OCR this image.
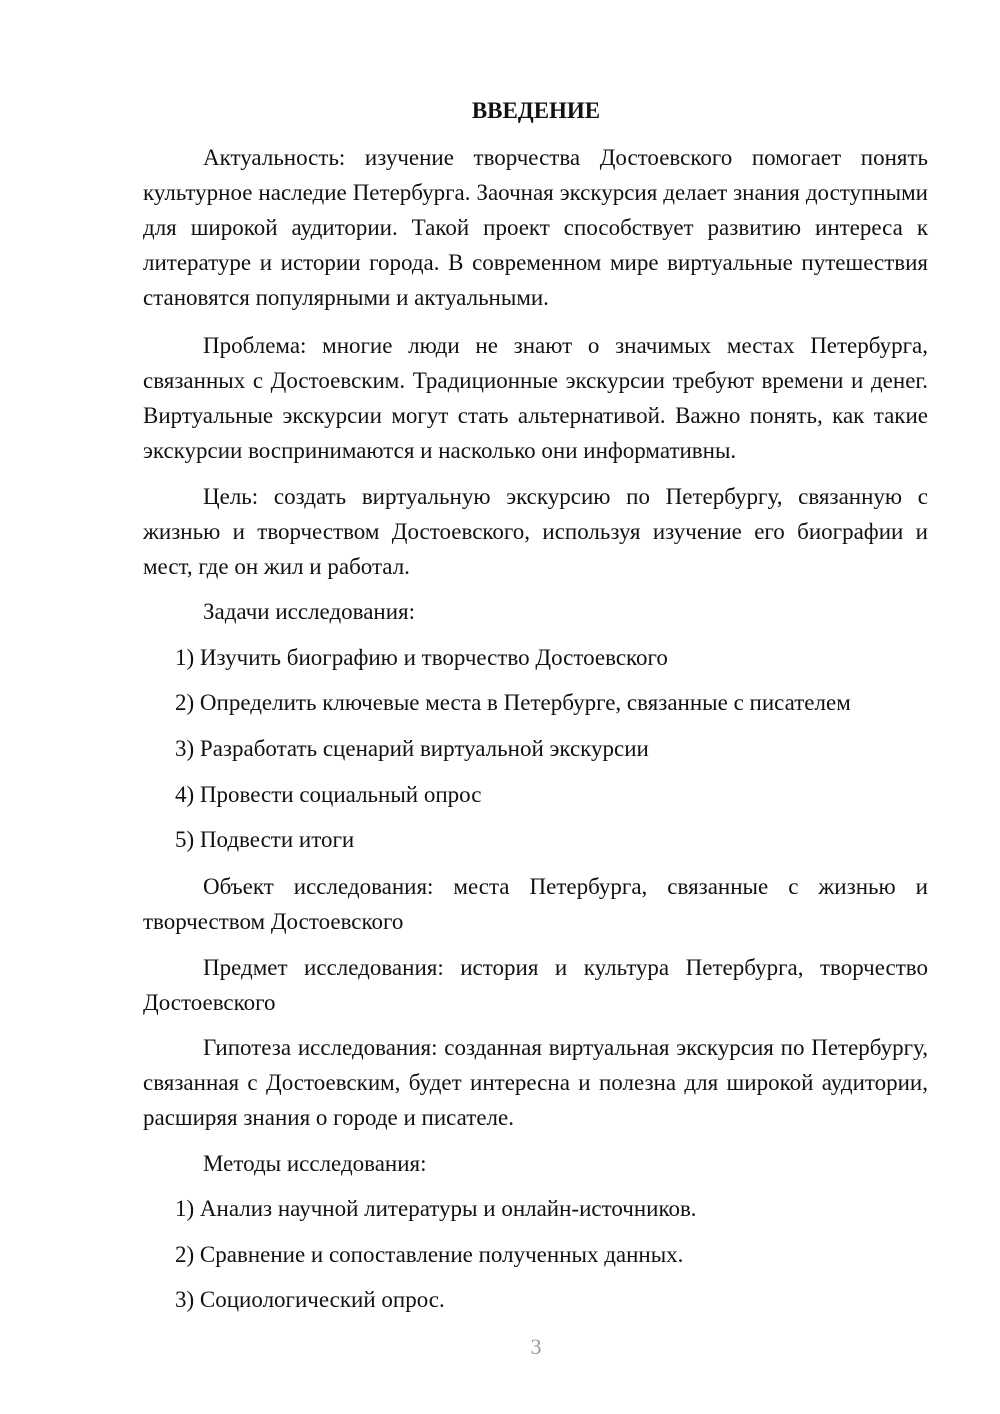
ВВЕДЕНИЕ

Актуальность: изучение творчества Достоевского помогает понять культурное наследие Петербурга. Заочная экскурсия делает знания доступными для широкой аудитории. Такой проект способствует развитию интереса к литературе и истории города. В современном мире виртуальные путешествия становятся популярными и актуальными.

Проблема: многие люди не знают о значимых местах Петербурга, связанных с Достоевским. Традиционные экскурсии требуют времени и денег. Виртуальные экскурсии могут стать альтернативой. Важно понять, как такие экскурсии воспринимаются и насколько они информативны.

Цель: создать виртуальную экскурсию по Петербургу, связанную с жизнью и творчеством Достоевского, используя изучение его биографии и мест, где он жил и работал.

Задачи исследования:
1) Изучить биографию и творчество Достоевского
2) Определить ключевые места в Петербурге, связанные с писателем
3) Разработать сценарий виртуальной экскурсии
4) Провести социальный опрос
5) Подвести итоги

Объект исследования: места Петербурга, связанные с жизнью и творчеством Достоевского

Предмет исследования: история и культура Петербурга, творчество Достоевского

Гипотеза исследования: созданная виртуальная экскурсия по Петербургу, связанная с Достоевским, будет интересна и полезна для широкой аудитории, расширяя знания о городе и писателе.

Методы исследования:
1) Анализ научной литературы и онлайн-источников.
2) Сравнение и сопоставление полученных данных.
3) Социологический опрос.
3
